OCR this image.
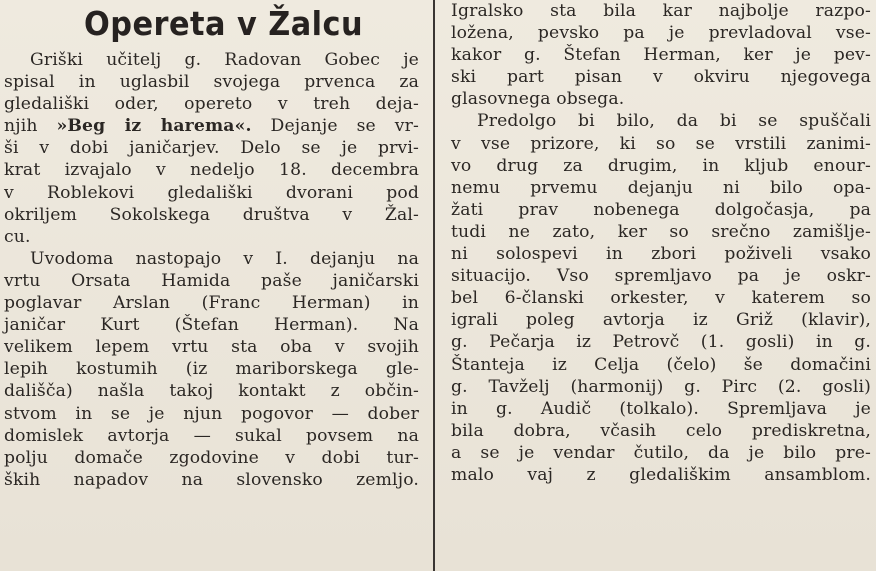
Opereta v Žalcu
Griški učitelj g. Radovan Gobec je
spisal in uglasbil svojega prvenca za
gledališki oder, opereto v treh deja-
njih »Beg iz harema«. Dejanje se vr-
ši v dobi janičarjev. Delo se je prvi-
krat izvajalo v nedeljo 18. decembra
v Roblekovi gledališki dvorani pod
okriljem Sokolskega društva v Žal-
cu.
Uvodoma nastopajo v I. dejanju na
vrtu Orsata Hamida paše janičarski
poglavar Arslan (Franc Herman) in
janičar Kurt (Štefan Herman). Na
velikem lepem vrtu sta oba v svojih
lepih kostumih (iz mariborskega gle-
dališča) našla takoj kontakt z občin-
stvom in se je njun pogovor — dober
domislek avtorja — sukal povsem na
polju domače zgodovine v dobi tur-
ških napadov na slovensko zemljo.
Igralsko sta bila kar najbolje razpo-
ložena, pevsko pa je prevladoval vse-
kakor g. Štefan Herman, ker je pev-
ski part pisan v okviru njegovega
glasovnega obsega.
Predolgo bi bilo, da bi se spuščali
v vse prizore, ki so se vrstili zanimi-
vo drug za drugim, in kljub enour-
nemu prvemu dejanju ni bilo opa-
žati prav nobenega dolgočasja, pa
tudi ne zato, ker so srečno zamišlje-
ni solospevi in zbori poživeli vsako
situacijo. Vso spremljavo pa je oskr-
bel 6-članski orkester, v katerem so
igrali poleg avtorja iz Griž (klavir),
g. Pečarja iz Petrovč (1. gosli) in g.
Štanteja iz Celja (čelo) še domačini
g. Tavželj (harmonij) g. Pirc (2. gosli)
in g. Audič (tolkalo). Spremljava je
bila dobra, včasih celo prediskretna,
a se je vendar čutilo, da je bilo pre-
malo vaj z gledališkim ansamblom.
